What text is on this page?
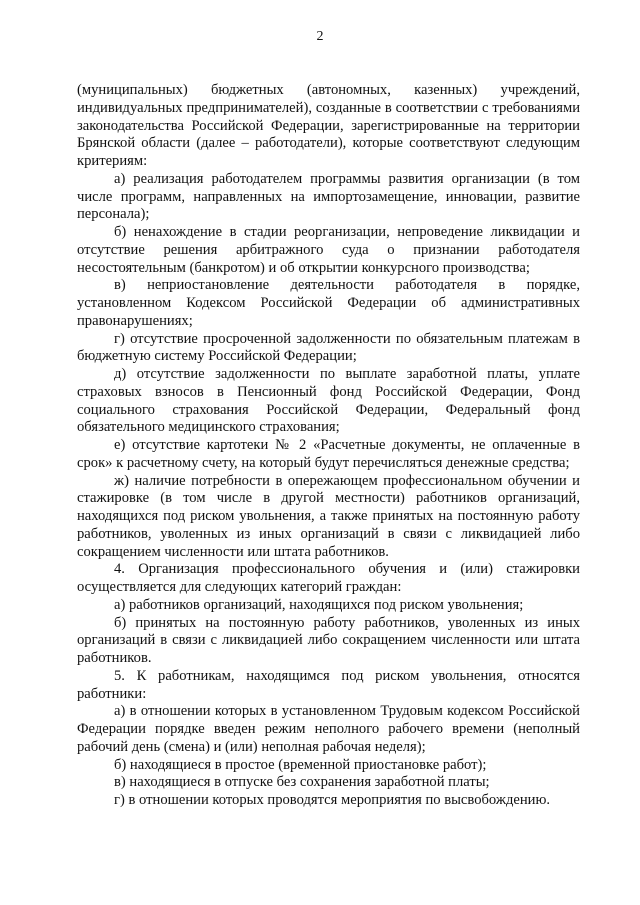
2

(муниципальных) бюджетных (автономных, казенных) учреждений, индивидуальных предпринимателей), созданные в соответствии с требованиями законодательства Российской Федерации, зарегистрированные на территории Брянской области (далее – работодатели), которые соответствуют следующим критериям:

а) реализация работодателем программы развития организации (в том числе программ, направленных на импортозамещение, инновации, развитие персонала);

б) ненахождение в стадии реорганизации, непроведение ликвидации и отсутствие решения арбитражного суда о признании работодателя несостоятельным (банкротом) и об открытии конкурсного производства;

в) неприостановление деятельности работодателя в порядке, установленном Кодексом Российской Федерации об административных правонарушениях;

г) отсутствие просроченной задолженности по обязательным платежам в бюджетную систему Российской Федерации;

д) отсутствие задолженности по выплате заработной платы, уплате страховых взносов в Пенсионный фонд Российской Федерации, Фонд социального страхования Российской Федерации, Федеральный фонд обязательного медицинского страхования;

е) отсутствие картотеки № 2 «Расчетные документы, не оплаченные в срок» к расчетному счету, на который будут перечисляться денежные средства;

ж) наличие потребности в опережающем профессиональном обучении и стажировке (в том числе в другой местности) работников организаций, находящихся под риском увольнения, а также принятых на постоянную работу работников, уволенных из иных организаций в связи с ликвидацией либо сокращением численности или штата работников.

4. Организация профессионального обучения и (или) стажировки осуществляется для следующих категорий граждан:

а) работников организаций, находящихся под риском увольнения;

б) принятых на постоянную работу работников, уволенных из иных организаций в связи с ликвидацией либо сокращением численности или штата работников.

5. К работникам, находящимся под риском увольнения, относятся работники:

а) в отношении которых в установленном Трудовым кодексом Российской Федерации порядке введен режим неполного рабочего времени (неполный рабочий день (смена) и (или) неполная рабочая неделя);

б) находящиеся в простое (временной приостановке работ);

в) находящиеся в отпуске без сохранения заработной платы;

г) в отношении которых проводятся мероприятия по высвобождению.
